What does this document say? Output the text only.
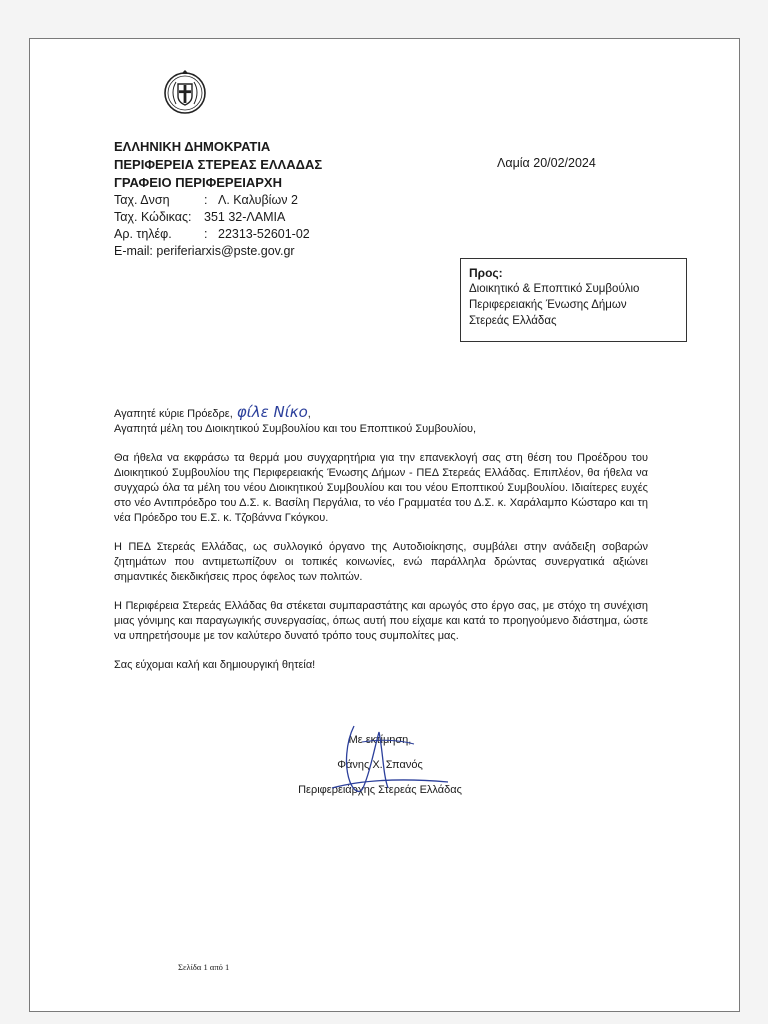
ΕΛΛΗΝΙΚΗ ΔΗΜΟΚΡΑΤΙΑ
ΠΕΡΙΦΕΡΕΙΑ ΣΤΕΡΕΑΣ ΕΛΛΑΔΑΣ
ΓΡΑΦΕΙΟ ΠΕΡΙΦΕΡΕΙΑΡΧΗ
Ταχ. Δνση	: Λ. Καλυβίων 2
Ταχ. Κώδικας: 351 32-ΛΑΜΙΑ
Αρ. τηλέφ.	: 22313-52601-02
E-mail: periferiarxis@pste.gov.gr
Λαμία 20/02/2024
Προς:
Διοικητικό & Εποπτικό Συμβούλιο
Περιφερειακής Ένωσης Δήμων
Στερεάς Ελλάδας
Αγαπητέ κύριε Πρόεδρε, φίλε Νίκο,

Αγαπητά μέλη του Διοικητικού Συμβουλίου και του Εποπτικού Συμβουλίου,

Θα ήθελα να εκφράσω τα θερμά μου συγχαρητήρια για την επανεκλογή σας στη θέση του Προέδρου του Διοικητικού Συμβουλίου της Περιφερειακής Ένωσης Δήμων - ΠΕΔ Στερεάς Ελλάδας. Επιπλέον, θα ήθελα να συγχαρώ όλα τα μέλη του νέου Διοικητικού Συμβουλίου και του νέου Εποπτικού Συμβουλίου. Ιδιαίτερες ευχές στο νέο Αντιπρόεδρο του Δ.Σ. κ. Βασίλη Περγάλια, το νέο Γραμματέα του Δ.Σ. κ. Χαράλαμπο Κώσταρο και τη νέα Πρόεδρο του Ε.Σ. κ. Τζοβάννα Γκόγκου.

Η ΠΕΔ Στερεάς Ελλάδας, ως συλλογικό όργανο της Αυτοδιοίκησης, συμβάλει στην ανάδειξη σοβαρών ζητημάτων που αντιμετωπίζουν οι τοπικές κοινωνίες, ενώ παράλληλα δρώντας συνεργατικά αξιώνει σημαντικές διεκδικήσεις προς όφελος των πολιτών.

Η Περιφέρεια Στερεάς Ελλάδας θα στέκεται συμπαραστάτης και αρωγός στο έργο σας, με στόχο τη συνέχιση μιας γόνιμης και παραγωγικής συνεργασίας, όπως αυτή που είχαμε και κατά το προηγούμενο διάστημα, ώστε να υπηρετήσουμε με τον καλύτερο δυνατό τρόπο τους συμπολίτες μας.

Σας εύχομαι καλή και δημιουργική θητεία!

Με εκτίμηση,
Φάνης Χ. Σπανός
Περιφερειάρχης Στερεάς Ελλάδας
Σελίδα 1 από 1
